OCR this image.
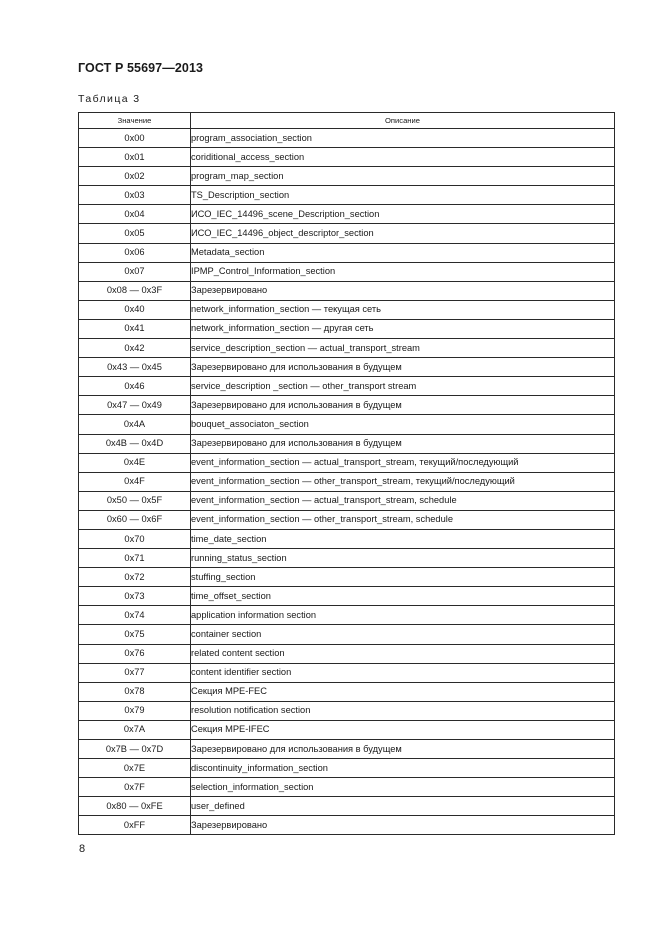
ГОСТ Р 55697—2013
Таблица 3
Значение	Описание
0x00	program_association_section
0x01	coriditional_access_section
0x02	program_map_section
0x03	TS_Description_section
0x04	ИСО_IEC_14496_scene_Description_section
0x05	ИСО_IEC_14496_object_descriptor_section
0x06	Metadata_section
0x07	IPMP_Control_Information_section
0x08 — 0x3F	Зарезервировано
0x40	network_information_section — текущая сеть
0x41	network_information_section — другая сеть
0x42	service_description_section — actual_transport_stream
0x43 — 0x45	Зарезервировано для использования в будущем
0x46	service_description _section — other_transport stream
0x47 — 0x49	Зарезервировано для использования в будущем
0x4A	bouquet_associaton_section
0x4B — 0x4D	Зарезервировано для использования в будущем
0x4E	event_information_section — actual_transport_stream, текущий/последующий
0x4F	event_information_section — other_transport_stream, текущий/последующий
0x50 — 0x5F	event_information_section — actual_transport_stream, schedule
0x60 — 0x6F	event_information_section — other_transport_stream, schedule
0x70	time_date_section
0x71	running_status_section
0x72	stuffing_section
0x73	time_offset_section
0x74	application information section
0x75	container section
0x76	related content section
0x77	content identifier section
0x78	Секция MPE-FEC
0x79	resolution notification section
0x7A	Секция MPE-IFEC
0x7B — 0x7D	Зарезервировано для использования в будущем
0x7E	discontinuity_information_section
0x7F	selection_information_section
0x80 — 0xFE	user_defined
0xFF	Зарезервировано
8
